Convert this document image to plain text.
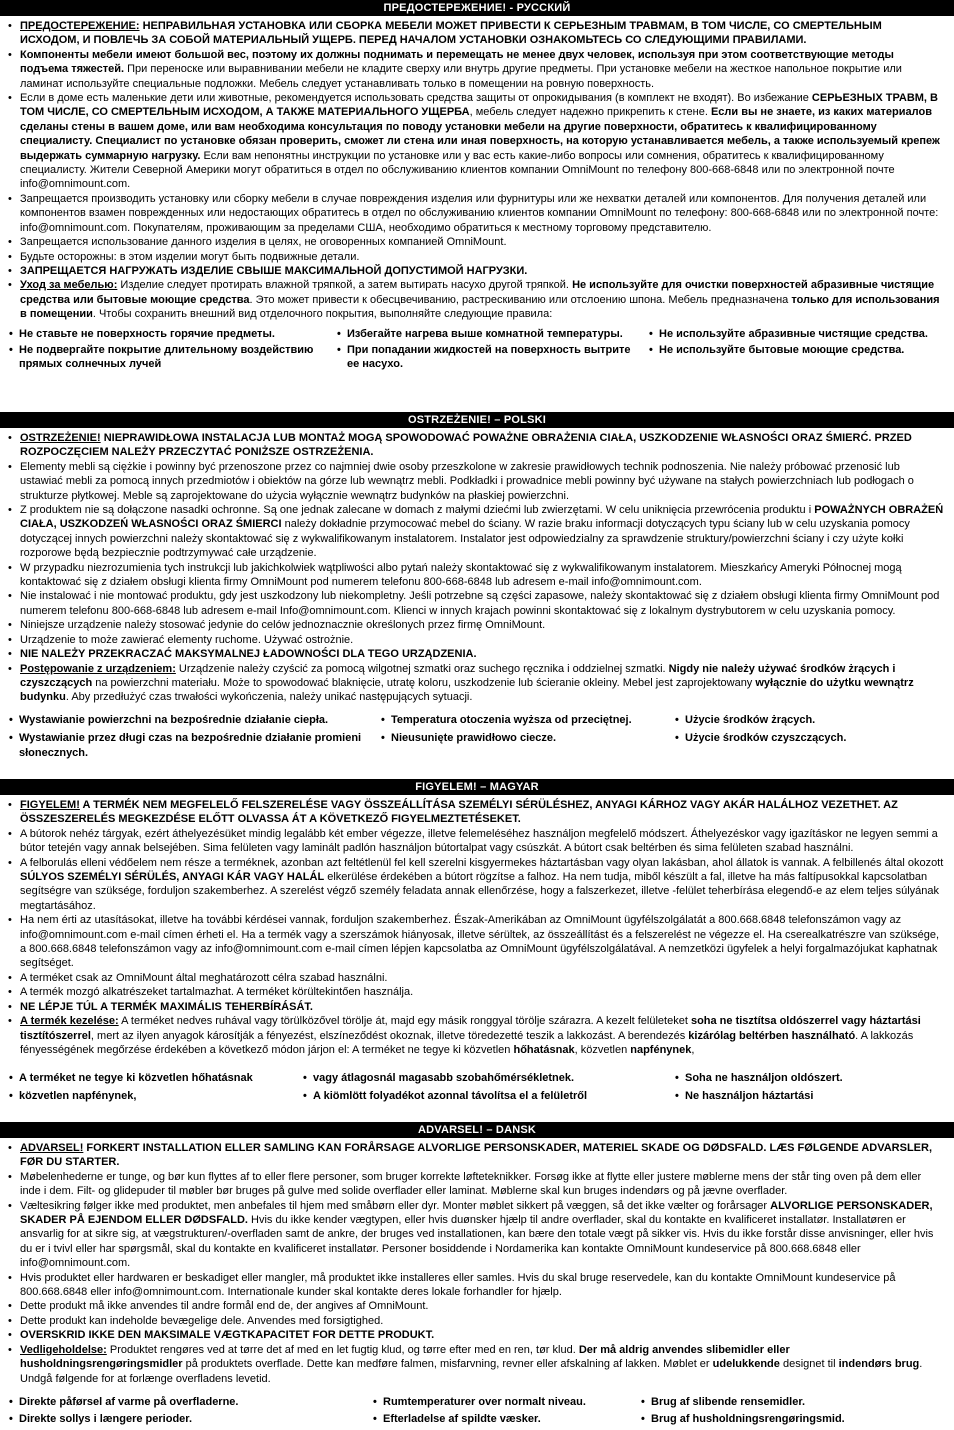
ПРЕДОСТЕРЕЖЕНИЕ! - РУССКИЙ
• ПРЕДОСТЕРЕЖЕНИЕ: НЕПРАВИЛЬНАЯ УСТАНОВКА ИЛИ СБОРКА МЕБЕЛИ МОЖЕТ ПРИВЕСТИ К СЕРЬЕЗНЫМ ТРАВМАМ, В ТОМ ЧИСЛЕ, СО СМЕРТЕЛЬНЫМ ИСХОДОМ, И ПОВЛЕЧЬ ЗА СОБОЙ МАТЕРИАЛЬНЫЙ УЩЕРБ. ПЕРЕД НАЧАЛОМ УСТАНОВКИ ОЗНАКОМЬТЕСЬ СО СЛЕДУЮЩИМИ ПРАВИЛАМИ.
• Компоненты мебели имеют большой вес, поэтому их должны поднимать и перемещать не менее двух человек, используя при этом соответствующие методы подъема тяжестей. При переноске или выравнивании мебели не кладите сверху или внутрь другие предметы. При установке мебели на жесткое напольное покрытие или ламинат используйте специальные подложки. Мебель следует устанавливать только в помещении на ровную поверхность.
• Если в доме есть маленькие дети или животные, рекомендуется использовать средства защиты от опрокидывания (в комплект не входят). Во избежание СЕРЬЕЗНЫХ ТРАВМ, В ТОМ ЧИСЛЕ, СО СМЕРТЕЛЬНЫМ ИСХОДОМ, А ТАКЖЕ МАТЕРИАЛЬНОГО УЩЕРБА, мебель следует надежно прикрепить к стене. Если вы не знаете, из каких материалов сделаны стены в вашем доме, или вам необходима консультация по поводу установки мебели на другие поверхности, обратитесь к квалифицированному специалисту. Специалист по установке обязан проверить, сможет ли стена или иная поверхность, на которую устанавливается мебель, а также используемый крепеж выдержать суммарную нагрузку. Если вам непонятны инструкции по установке или у вас есть какие-либо вопросы или сомнения, обратитесь к квалифицированному специалисту. Жители Северной Америки могут обратиться в отдел по обслуживанию клиентов компании OmniMount по телефону 800-668-6848 или по электронной почте info@omnimount.com.
• Запрещается производить установку или сборку мебели в случае повреждения изделия или фурнитуры или же нехватки деталей или компонентов. Для получения деталей или компонентов взамен поврежденных или недостающих обратитесь в отдел по обслуживанию клиентов компании OmniMount по телефону: 800-668-6848 или по электронной почте: info@omnimount.com. Покупателям, проживающим за пределами США, необходимо обратиться к местному торговому представителю.
• Запрещается использование данного изделия в целях, не оговоренных компанией OmniMount.
• Будьте осторожны: в этом изделии могут быть подвижные детали.
• ЗАПРЕЩАЕТСЯ НАГРУЖАТЬ ИЗДЕЛИЕ СВЫШЕ МАКСИМАЛЬНОЙ ДОПУСТИМОЙ НАГРУЗКИ.
• Уход за мебелью: Изделие следует протирать влажной тряпкой, а затем вытирать насухо другой тряпкой. Не используйте для очистки поверхностей абразивные чистящие средства или бытовые моющие средства. Это может привести к обесцвечиванию, растрескиванию или отслоению шпона. Мебель предназначена только для использования в помещении. Чтобы сохранить внешний вид отделочного покрытия, выполняйте следующие правила:
• Не ставьте не поверхность горячие предметы.
• Не подвергайте покрытие длительному воздействию прямых солнечных лучей
• Избегайте нагрева выше комнатной температуры.
• При попадании жидкостей на поверхность вытрите ее насухо.
• Не используйте абразивные чистящие средства.
• Не используйте бытовые моющие средства.
OSTRZEŻENIE! – POLSKI
• OSTRZEŻENIE! NIEPRAWIDŁOWA INSTALACJA LUB MONTAŻ MOGĄ SPOWODOWAĆ POWAŻNE OBRAŻENIA CIAŁA, USZKODZENIE WŁASNOŚCI ORAZ ŚMIERĆ. PRZED ROZPOCZĘCIEM NALEŻY PRZECZYTAĆ PONIŻSZE OSTRZEŻENIA.
• Elementy mebli są ciężkie i powinny być przenoszone przez co najmniej dwie osoby przeszkolone w zakresie prawidłowych technik podnoszenia. Nie należy próbować przenosić lub ustawiać mebli za pomocą innych przedmiotów i obiektów na górze lub wewnątrz mebli. Podkładki i prowadnice mebli powinny być używane na stałych powierzchniach lub podłogach o strukturze płytkowej. Meble są zaprojektowane do użycia wyłącznie wewnątrz budynków na płaskiej powierzchni.
• Z produktem nie są dołączone nasadki ochronne. Są one jednak zalecane w domach z małymi dziećmi lub zwierzętami. W celu uniknięcia przewrócenia produktu i POWAŻNYCH OBRAŻEŃ CIAŁA, USZKODZEŃ WŁASNOŚCI ORAZ ŚMIERCI należy dokładnie przymocować mebel do ściany. W razie braku informacji dotyczących typu ściany lub w celu uzyskania pomocy dotyczącej innych powierzchni należy skontaktować się z wykwalifikowanym instalatorem. Instalator jest odpowiedzialny za sprawdzenie struktury/powierzchni ściany i czy użyte kołki rozporowe będą bezpiecznie podtrzymywać całe urządzenie.
• W przypadku niezrozumienia tych instrukcji lub jakichkolwiek wątpliwości albo pytań należy skontaktować się z wykwalifikowanym instalatorem. Mieszkańcy Ameryki Północnej mogą kontaktować się z działem obsługi klienta firmy OmniMount pod numerem telefonu 800-668-6848 lub adresem e-mail info@omnimount.com.
• Nie instalować i nie montować produktu, gdy jest uszkodzony lub niekompletny. Jeśli potrzebne są części zapasowe, należy skontaktować się z działem obsługi klienta firmy OmniMount pod numerem telefonu 800-668-6848 lub adresem e-mail Info@omnimount.com. Klienci w innych krajach powinni skontaktować się z lokalnym dystrybutorem w celu uzyskania pomocy.
• Niniejsze urządzenie należy stosować jedynie do celów jednoznacznie określonych przez firmę OmniMount.
• Urządzenie to może zawierać elementy ruchome. Używać ostrożnie.
• NIE NALEŻY PRZEKRACZAĆ MAKSYMALNEJ ŁADOWNOŚCI DLA TEGO URZĄDZENIA.
• Postępowanie z urządzeniem: Urządzenie należy czyścić za pomocą wilgotnej szmatki oraz suchego ręcznika i oddzielnej szmatki. Nigdy nie należy używać środków żrących i czyszczących na powierzchni materiału. Może to spowodować blaknięcie, utratę koloru, uszkodzenie lub ścieranie okleiny. Mebel jest zaprojektowany wyłącznie do użytku wewnątrz budynku. Aby przedłużyć czas trwałości wykończenia, należy unikać następujących sytuacji.
• Wystawianie powierzchni na bezpośrednie działanie ciepła.
• Wystawianie przez długi czas na bezpośrednie działanie promieni słonecznych.
• Temperatura otoczenia wyższa od przeciętnej.
• Nieusunięte prawidłowo ciecze.
• Użycie środków żrących.
• Użycie środków czyszczących.
FIGYELEM! – MAGYAR
• FIGYELEM! A TERMÉK NEM MEGFELELŐ FELSZERELÉSE VAGY ÖSSZEÁLLÍTÁSA SZEMÉLYI SÉRÜLÉSHEZ, ANYAGI KÁRHOZ VAGY AKÁR HALÁLHOZ VEZETHET. AZ ÖSSZESZERELÉS MEGKEZDÉSE ELŐTT OLVASSA ÁT A KÖVETKEZŐ FIGYELMEZTETÉSEKET.
• A bútorok nehéz tárgyak, ezért áthelyezésüket mindig legalább két ember végezze, illetve felemeléséhez használjon megfelelő módszert. Áthelyezéskor vagy igazításkor ne legyen semmi a bútor tetején vagy annak belsejében. Sima felületen vagy laminált padlón használjon bútortalpat vagy csúszkát. A bútort csak beltérben és sima felületen szabad használni.
• A felborulás elleni védőelem nem része a terméknek, azonban azt feltétlenül fel kell szerelni kisgyermekes háztartásban vagy olyan lakásban, ahol állatok is vannak. A felbillenés által okozott SÚLYOS SZEMÉLYI SÉRÜLÉS, ANYAGI KÁR VAGY HALÁL elkerülése érdekében a bútort rögzítse a falhoz. Ha nem tudja, miből készült a fal, illetve ha más faltípusokkal kapcsolatban segítségre van szüksége, forduljon szakemberhez. A szerelést végző személy feladata annak ellenőrzése, hogy a falszerkezet, illetve -felület teherbírása elegendő-e az elem teljes súlyának megtartásához.
• Ha nem érti az utasításokat, illetve ha további kérdései vannak, forduljon szakemberhez. Észak-Amerikában az OmniMount ügyfélszolgálatát a 800.668.6848 telefonszámon vagy az info@omnimount.com e-mail címen érheti el. Ha a termék vagy a szerszámok hiányosak, illetve sérültek, az összeállítást és a felszerelést ne végezze el. Ha cserealkatrészre van szüksége, a 800.668.6848 telefonszámon vagy az info@omnimount.com e-mail címen lépjen kapcsolatba az OmniMount ügyfélszolgálatával. A nemzetközi ügyfelek a helyi forgalmazójukat kaphatnak segítséget.
• A terméket csak az OmniMount által meghatározott célra szabad használni.
• A termék mozgó alkatrészeket tartalmazhat. A terméket körültekintően használja.
• NE LÉPJE TÚL A TERMÉK MAXIMÁLIS TEHERBÍRÁSÁT.
• A termék kezelése: A terméket nedves ruhával vagy törülközővel törölje át, majd egy másik ronggyal törölje szárazra. A kezelt felületeket soha ne tisztítsa oldószerrel vagy háztartási tisztítószerrel, mert az ilyen anyagok károsítják a fényezést, elszíneződést okoznak, illetve töredezetté teszik a lakkozást. A berendezés kizárólag beltérben használható. A lakkozás fényességének megőrzése érdekében a következő módon járjon el: A terméket ne tegye ki közvetlen hőhatásnak, közvetlen napfénynek,
• A terméket ne tegye ki közvetlen hőhatásnak
• közvetlen napfénynek,
• vagy átlagosnál magasabb szobahőmérsékletnek.
• A kiömlött folyadékot azonnal távolítsa el a felületről
• Soha ne használjon oldószert.
• Ne használjon háztartási
ADVARSEL! – DANSK
• ADVARSEL! FORKERT INSTALLATION ELLER SAMLING KAN FORÅRSAGE ALVORLIGE PERSONSKADER, MATERIEL SKADE OG DØDSFALD. LÆS FØLGENDE ADVARSLER, FØR DU STARTER.
• Møbelenhederne er tunge, og bør kun flyttes af to eller flere personer, som bruger korrekte løfteteknikker. Forsøg ikke at flytte eller justere møblerne mens der står ting oven på dem eller inde i dem. Filt- og glidepuder til møbler bør bruges på gulve med solide overflader eller laminat. Møblerne skal kun bruges indendørs og på jævne overflader.
• Væltesikring følger ikke med produktet, men anbefales til hjem med småbørn eller dyr. Monter møblet sikkert på væggen, så det ikke vælter og forårsager ALVORLIGE PERSONSKADER, SKADER PÅ EJENDOM ELLER DØDSFALD. Hvis du ikke kender vægtypen, eller hvis duønsker hjælp til andre overflader, skal du kontakte en kvalificeret installatør. Installatøren er ansvarlig for at sikre sig, at vægstrukturen/-overfladen samt de ankre, der bruges ved installationen, kan bære den totale vægt på sikker vis. Hvis du ikke forstår disse anvisninger, eller hvis du er i tvivl eller har spørgsmål, skal du kontakte en kvalificeret installatør. Personer bosiddende i Nordamerika kan kontakte OmniMount kundeservice på 800.668.6848 eller info@omnimount.com.
• Hvis produktet eller hardwaren er beskadiget eller mangler, må produktet ikke installeres eller samles. Hvis du skal bruge reservedele, kan du kontakte OmniMount kundeservice på 800.668.6848 eller info@omnimount.com. Internationale kunder skal kontakte deres lokale forhandler for hjælp.
• Dette produkt må ikke anvendes til andre formål end de, der angives af OmniMount.
• Dette produkt kan indeholde bevægelige dele. Anvendes med forsigtighed.
• OVERSKRID IKKE DEN MAKSIMALE VÆGTKAPACITET FOR DETTE PRODUKT.
• Vedligeholdelse: Produktet rengøres ved at tørre det af med en let fugtig klud, og tørre efter med en ren, tør klud. Der må aldrig anvendes slibemidler eller husholdningsrengøringsmidler på produktets overflade. Dette kan medføre falmen, misfarvning, revner eller afskalning af lakken. Møblet er udelukkende designet til indendørs brug. Undgå følgende for at forlænge overfladens levetid.
• Direkte påførsel af varme på overfladerne.
• Direkte sollys i længere perioder.
• Rumtemperaturer over normalt niveau.
• Efterladelse af spildte væsker.
• Brug af slibende rensemidler.
• Brug af husholdningsrengøringsmid.
